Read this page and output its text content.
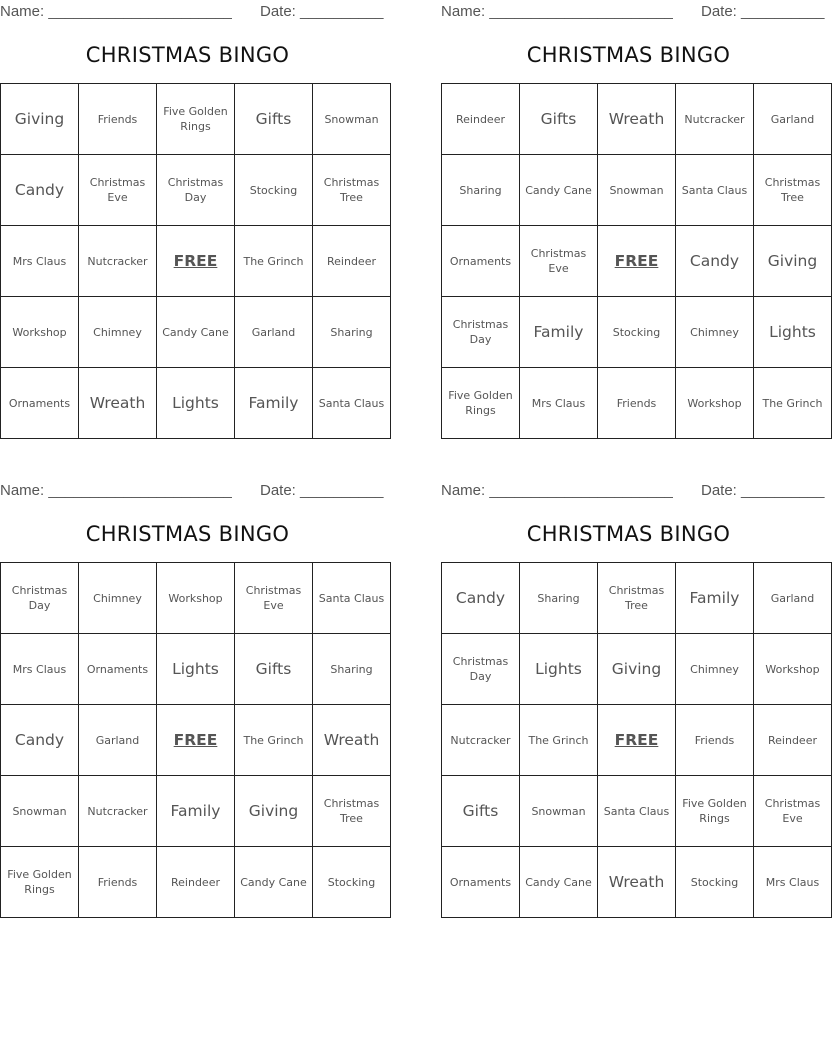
Name: ______________________ Date: __________
CHRISTMAS BINGO
Giving	Friends	Five Golden Rings	Gifts	Snowman
Candy	Christmas Eve	Christmas Day	Stocking	Christmas Tree
Mrs Claus	Nutcracker	FREE	The Grinch	Reindeer
Workshop	Chimney	Candy Cane	Garland	Sharing
Ornaments	Wreath	Lights	Family	Santa Claus
Name: ______________________ Date: __________
CHRISTMAS BINGO
Reindeer	Gifts	Wreath	Nutcracker	Garland
Sharing	Candy Cane	Snowman	Santa Claus	Christmas Tree
Ornaments	Christmas Eve	FREE	Candy	Giving
Christmas Day	Family	Stocking	Chimney	Lights
Five Golden Rings	Mrs Claus	Friends	Workshop	The Grinch
Name: ______________________ Date: __________
CHRISTMAS BINGO
Christmas Day	Chimney	Workshop	Christmas Eve	Santa Claus
Mrs Claus	Ornaments	Lights	Gifts	Sharing
Candy	Garland	FREE	The Grinch	Wreath
Snowman	Nutcracker	Family	Giving	Christmas Tree
Five Golden Rings	Friends	Reindeer	Candy Cane	Stocking
Name: ______________________ Date: __________
CHRISTMAS BINGO
Candy	Sharing	Christmas Tree	Family	Garland
Christmas Day	Lights	Giving	Chimney	Workshop
Nutcracker	The Grinch	FREE	Friends	Reindeer
Gifts	Snowman	Santa Claus	Five Golden Rings	Christmas Eve
Ornaments	Candy Cane	Wreath	Stocking	Mrs Claus
